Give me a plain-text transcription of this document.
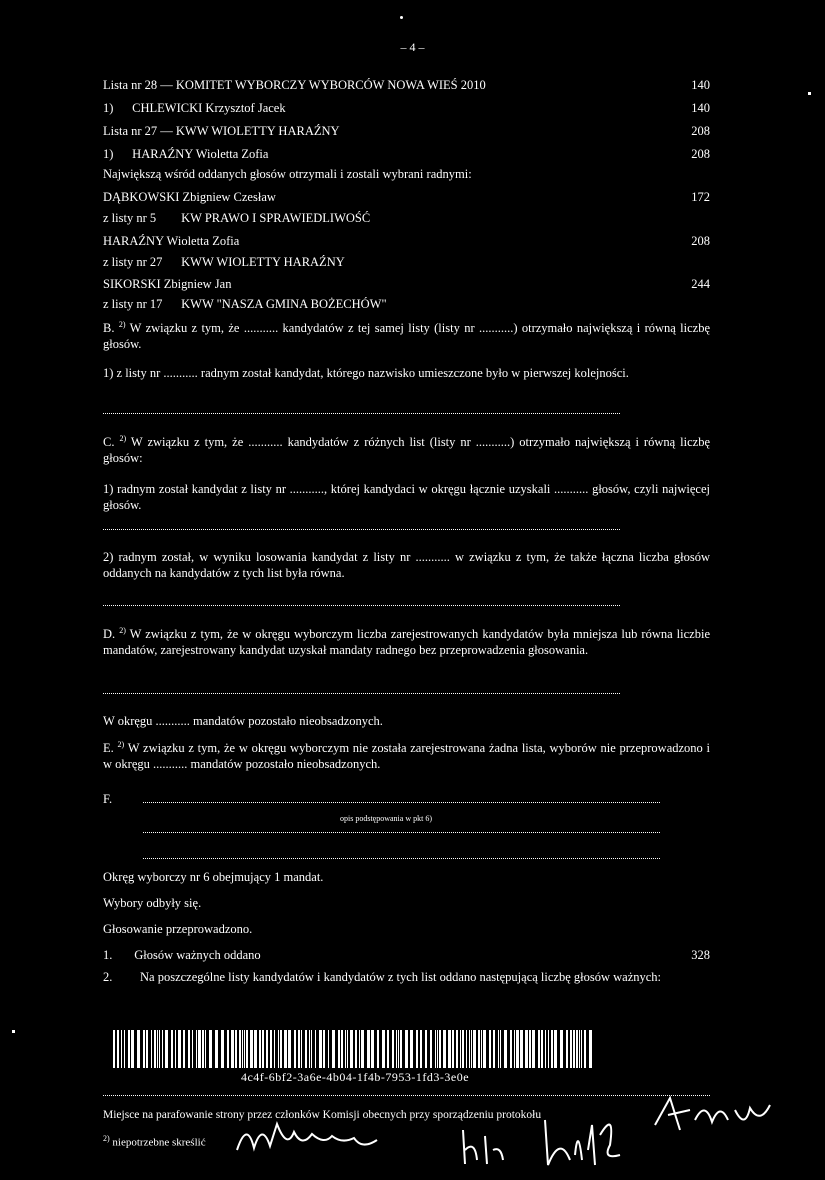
– 4 –
Lista nr 28 — KOMITET WYBORCZY WYBORCÓW NOWA WIEŚ 2010	140
1) CHLEWICKI Krzysztof Jacek	140
Lista nr 27 — KWW WIOLETTY HARAŹNY	208
1) HARAŹNY Wioletta Zofia	208
Największą wśród oddanych głosów otrzymali i zostali wybrani radnymi:
DĄBKOWSKI Zbigniew Czesław	172
z listy nr 5 KW PRAWO I SPRAWIEDLIWOŚĆ
HARAŹNY Wioletta Zofia	208
z listy nr 27 KWW WIOLETTY HARAŹNY
SIKORSKI Zbigniew Jan	244
z listy nr 17 KWW "NASZA GMINA BOŻECHÓW"
B. $^{2)}$ W związku z tym, że ........... kandydatów z tej samej listy (listy nr ...........) otrzymało największą i równą liczbę głosów.
1) z listy nr ........... radnym został kandydat, którego nazwisko umieszczone było w pierwszej kolejności.
C. $^{2)}$ W związku z tym, że ........... kandydatów z różnych list (listy nr ...........) otrzymało największą i równą liczbę głosów:
1) radnym został kandydat z listy nr ..........., której kandydaci w okręgu łącznie uzyskali ........... głosów, czyli najwięcej głosów.
2) radnym został, w wyniku losowania kandydat z listy nr ........... w związku z tym, że także łączna liczba głosów oddanych na kandydatów z tych list była równa.
D. $^{2)}$ W związku z tym, że w okręgu wyborczym liczba zarejestrowanych kandydatów była mniejsza lub równa liczbie mandatów, zarejestrowany kandydat uzyskał mandaty radnego bez przeprowadzenia głosowania.
W okręgu ........... mandatów pozostało nieobsadzonych.
E. $^{2)}$ W związku z tym, że w okręgu wyborczym nie została zarejestrowana żadna lista, wyborów nie przeprowadzono i w okręgu ........... mandatów pozostało nieobsadzonych.
F.
opis podstępowania w pkt 6)
Okręg wyborczy nr 6 obejmujący 1 mandat.
Wybory odbyły się.
Głosowanie przeprowadzono.
1. Głosów ważnych oddano	328
2. Na poszczególne listy kandydatów i kandydatów z tych list oddano następującą liczbę głosów ważnych:
4c4f-6bf2-3a6e-4b04-1f4b-7953-1fd3-3e0e
Miejsce na parafowanie strony przez członków Komisji obecnych przy sporządzeniu protokołu
$^{2)}$ niepotrzebne skreślić
